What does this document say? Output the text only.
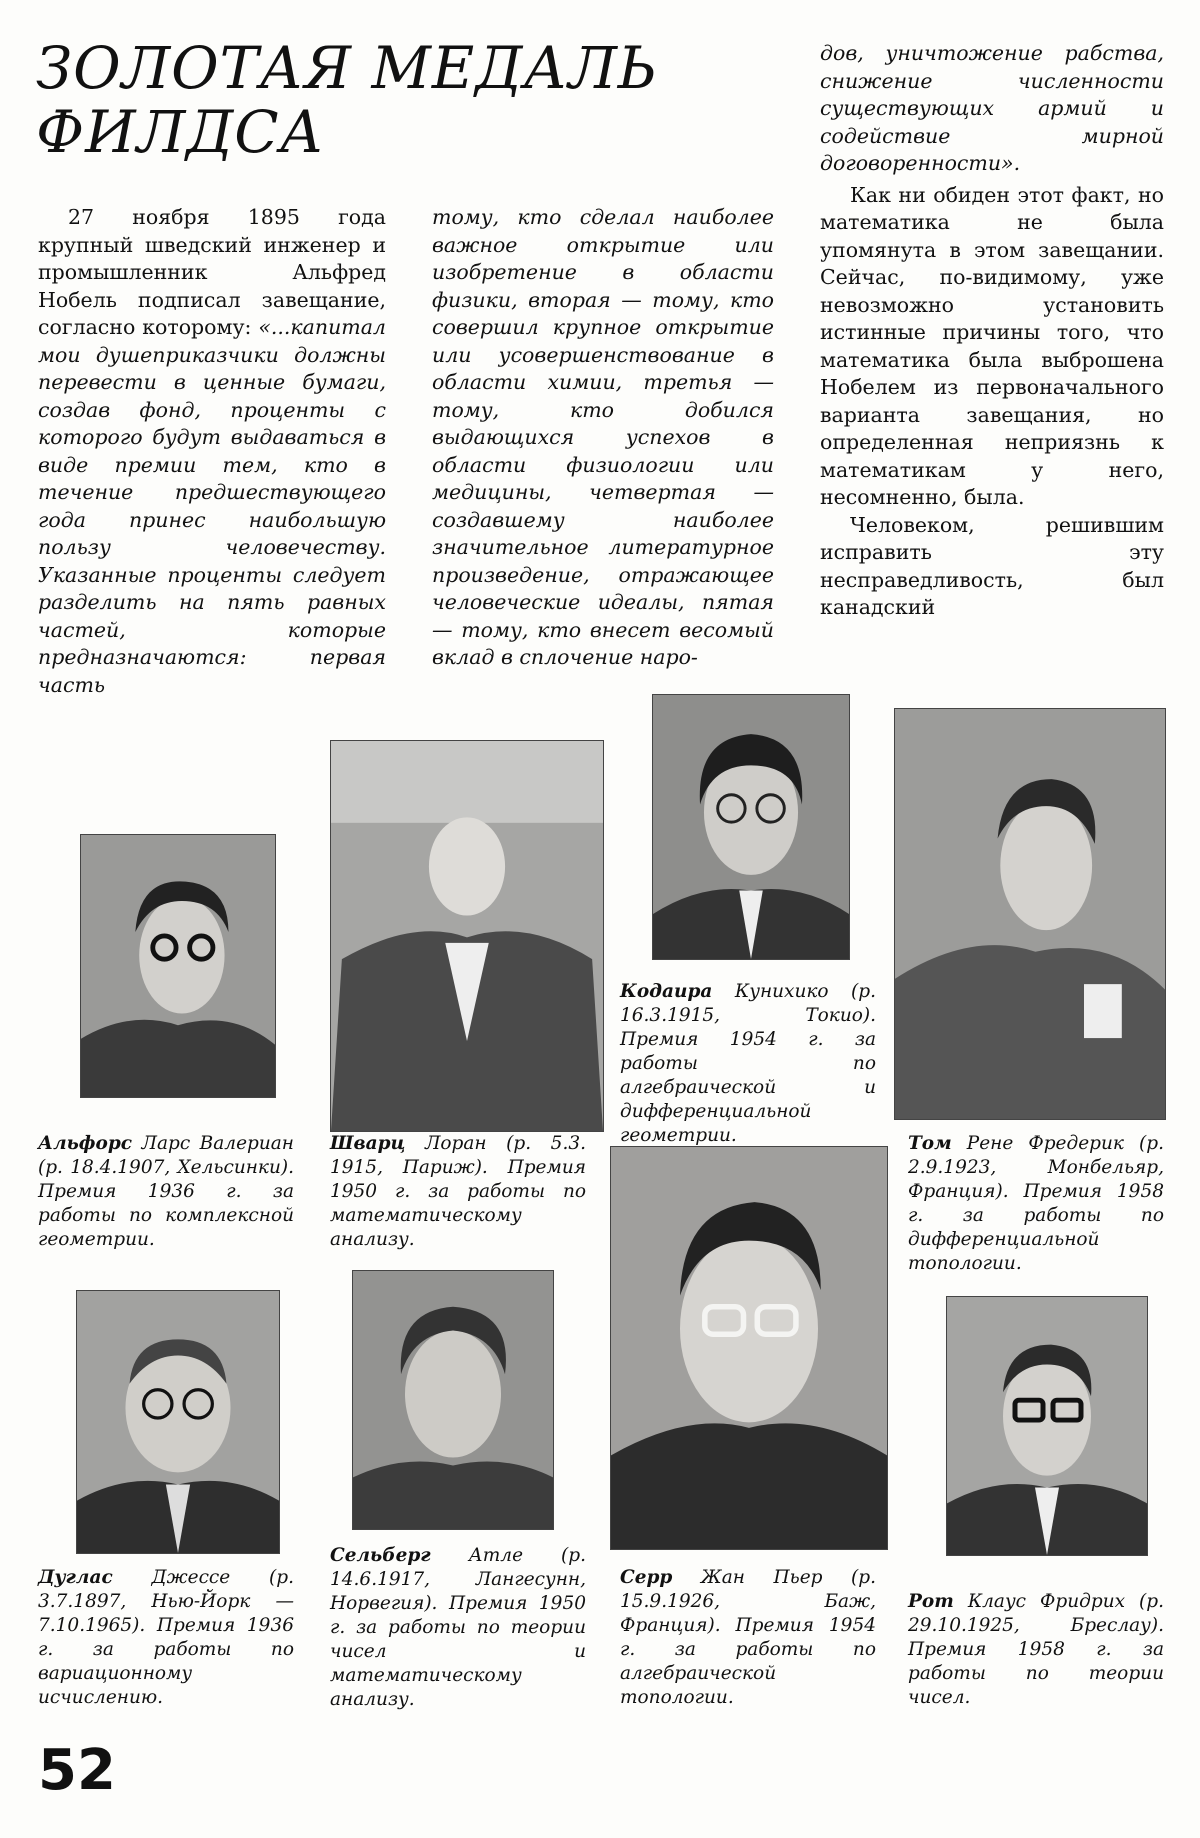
ЗОЛОТАЯ МЕДАЛЬ
ФИЛДСА

27 ноября 1895 года крупный шведский инженер и промышленник Альфред Нобель подписал завещание, согласно которому: «...капитал мои душеприказчики должны перевести в ценные бумаги, создав фонд, проценты с которого будут выдаваться в виде премии тем, кто в течение предшествующего года принес наибольшую пользу человечеству. Указанные проценты следует разделить на пять равных частей, которые предназначаются: первая часть

тому, кто сделал наиболее важное открытие или изобретение в области физики, вторая — тому, кто совершил крупное открытие или усовершенствование в области химии, третья — тому, кто добился выдающихся успехов в области физиологии или медицины, четвертая — создавшему наиболее значительное литературное произведение, отражающее человеческие идеалы, пятая — тому, кто внесет весомый вклад в сплочение наро-

дов, уничтожение рабства, снижение численности существующих армий и содействие мирной договоренности».

Как ни обиден этот факт, но математика не была упомянута в этом завещании. Сейчас, по-видимому, уже невозможно установить истинные причины того, что математика была выброшена Нобелем из первоначального варианта завещания, но определенная неприязнь к математикам у него, несомненно, была.

Человеком, решившим исправить эту несправедливость, был канадский

Альфорс Ларс Валериан (р. 18.4.1907, Хельсинки). Премия 1936 г. за работы по комплексной геометрии.

Шварц Лоран (р. 5.3. 1915, Париж). Премия 1950 г. за работы по математическому анализу.

Кодаира Кунихико (р. 16.3.1915, Токио). Премия 1954 г. за работы по алгебраической и дифференциальной геометрии.	Том Рене Фредерик (р. 2.9.1923, Монбельяр, Франция). Премия 1958 г. за работы по дифференциальной топологии.

Дуглас Джессе (р. 3.7.1897, Нью-Йорк — 7.10.1965). Премия 1936 г. за работы по вариационному исчислению.

Сельберг Атле (р. 14.6.1917, Лангесунн, Норвегия). Премия 1950 г. за работы по теории чисел и математическому анализу.

Серр Жан Пьер (р. 15.9.1926, Баж, Франция). Премия 1954 г. за работы по алгебраической топологии.

Рот Клаус Фридрих (р. 29.10.1925, Бреслау). Премия 1958 г. за работы по теории чисел.

52
